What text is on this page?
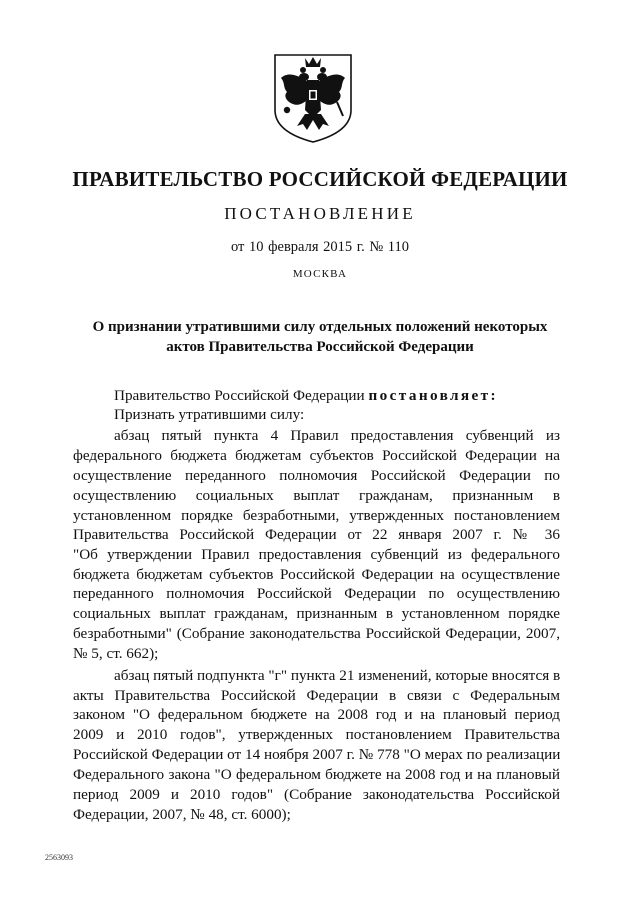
ПРАВИТЕЛЬСТВО РОССИЙСКОЙ ФЕДЕРАЦИИ
ПОСТАНОВЛЕНИЕ
от 10 февраля 2015 г. № 110
МОСКВА
О признании утратившими силу отдельных положений некоторых
актов Правительства Российской Федерации
Правительство Российской Федерации постановляет:
Признать утратившими силу:
абзац пятый пункта 4 Правил предоставления субвенций из
федерального бюджета бюджетам субъектов Российской Федерации на
осуществление переданного полномочия Российской Федерации по
осуществлению социальных выплат гражданам, признанным в
установленном порядке безработными, утвержденных постановлением
Правительства Российской Федерации от 22 января 2007 г. № 36
"Об утверждении Правил предоставления субвенций из федерального
бюджета бюджетам субъектов Российской Федерации на осуществление
переданного полномочия Российской Федерации по осуществлению
социальных выплат гражданам, признанным в установленном порядке
безработными" (Собрание законодательства Российской Федерации, 2007,
№ 5, ст. 662);
абзац пятый подпункта "г" пункта 21 изменений, которые вносятся в
акты Правительства Российской Федерации в связи с Федеральным
законом "О федеральном бюджете на 2008 год и на плановый период
2009 и 2010 годов", утвержденных постановлением Правительства
Российской Федерации от 14 ноября 2007 г. № 778 "О мерах по реализации
Федерального закона "О федеральном бюджете на 2008 год и на плановый
период 2009 и 2010 годов" (Собрание законодательства Российской
Федерации, 2007, № 48, ст. 6000);
2563093
